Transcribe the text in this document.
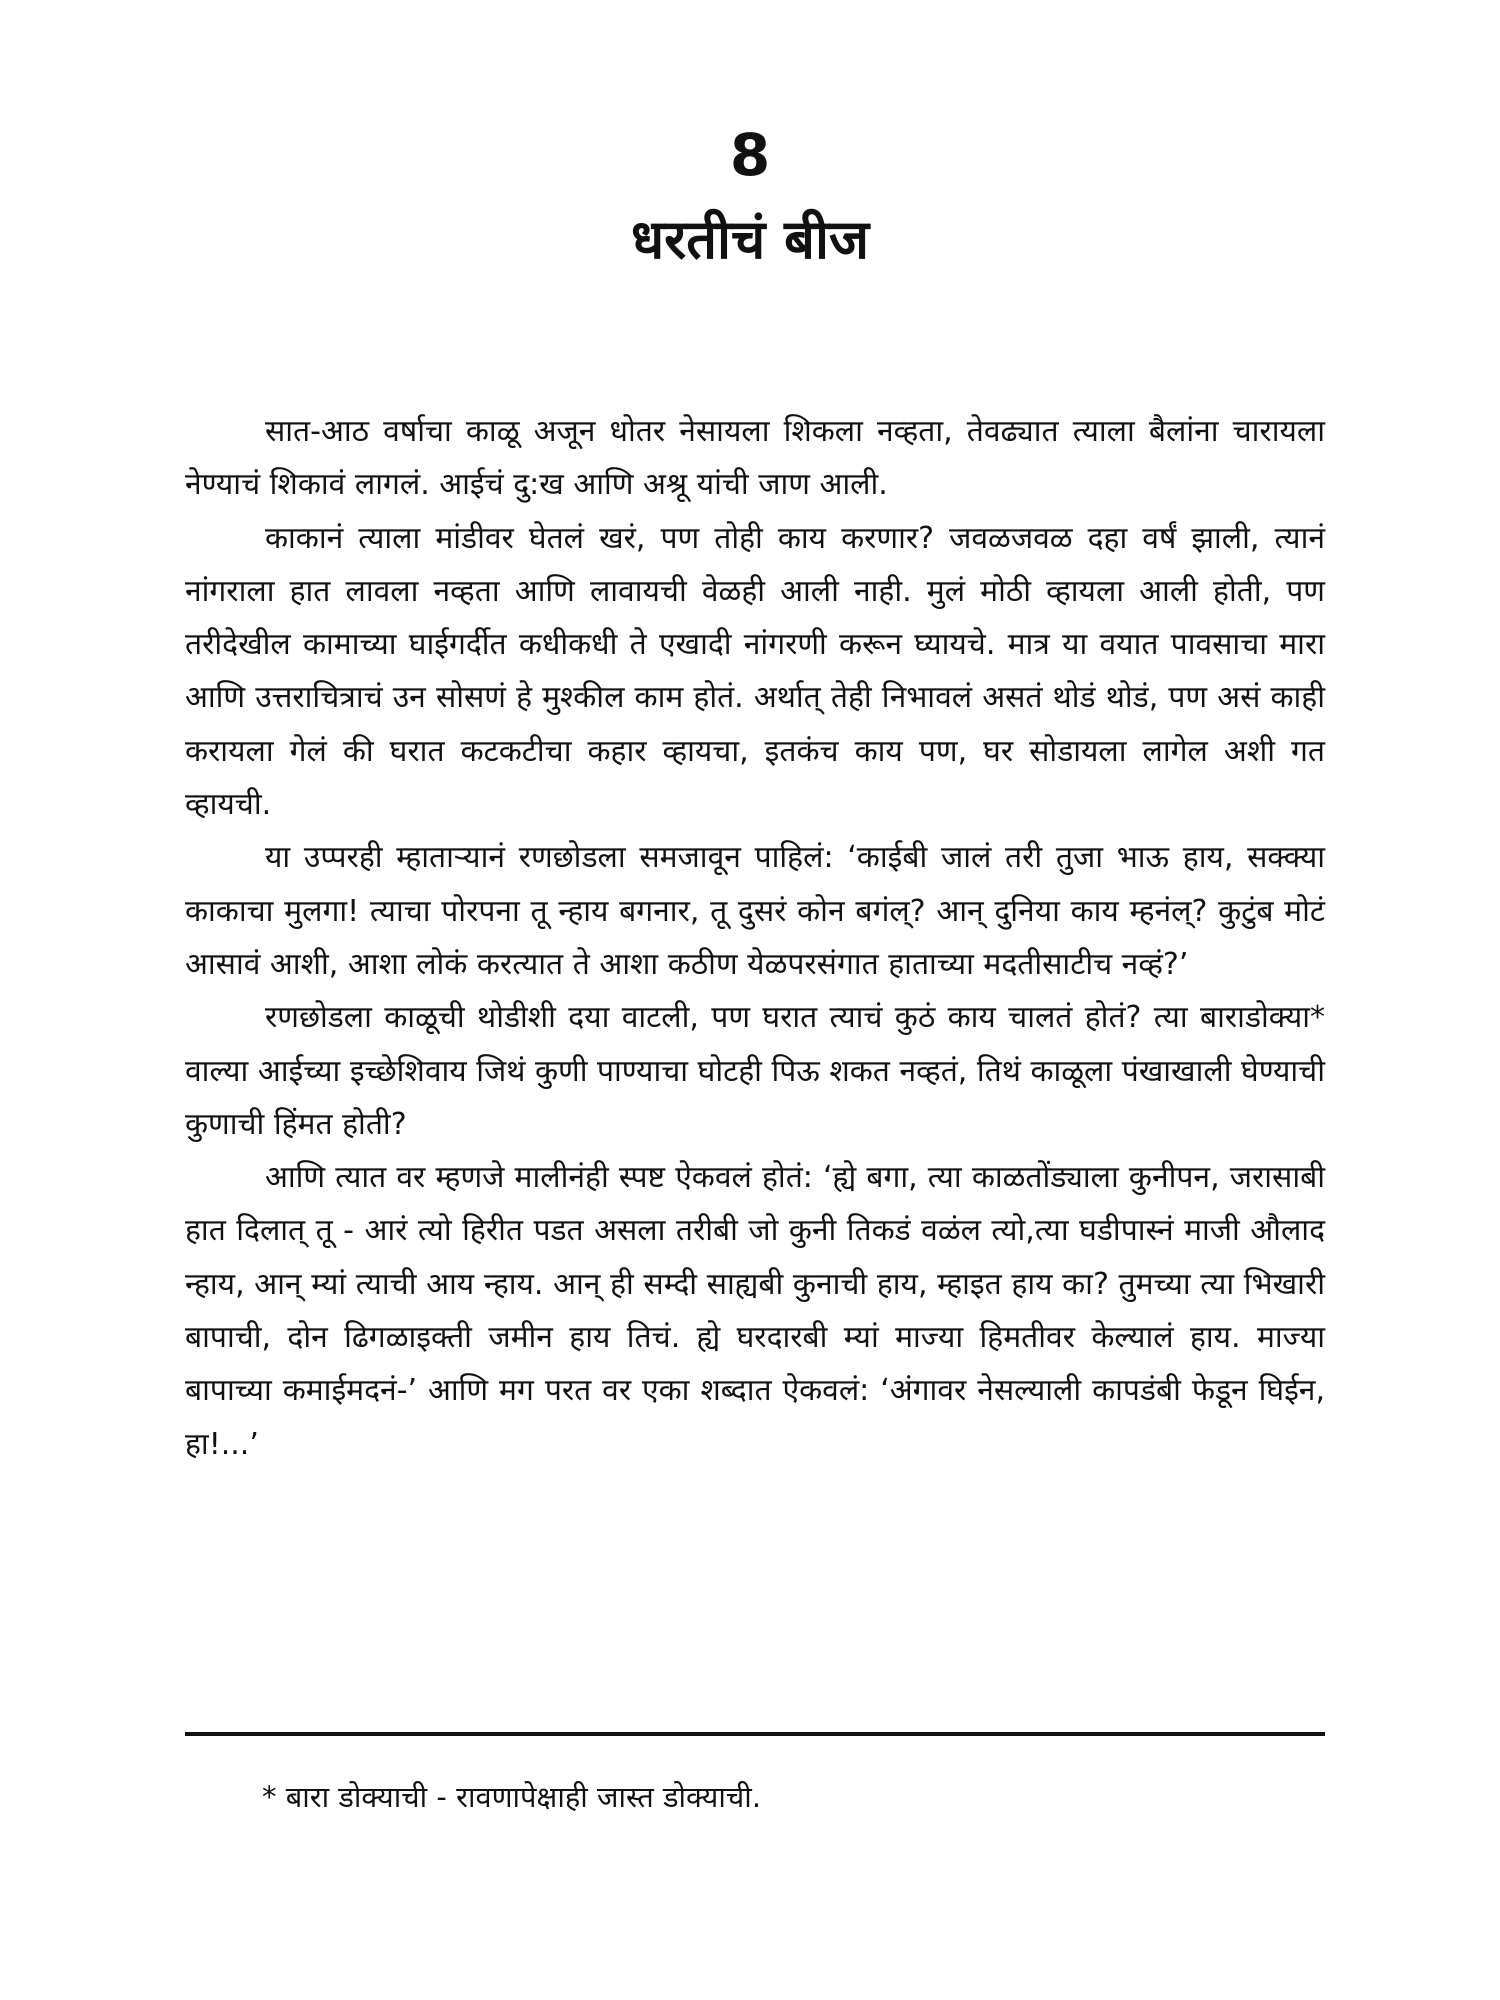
8
धरतीचं बीज

सात-आठ वर्षाचा काळू अजून धोतर नेसायला शिकला नव्हता, तेवढ्यात त्याला बैलांना चारायला नेण्याचं शिकावं लागलं. आईचं दु:ख आणि अश्रू यांची जाण आली.

काकानं त्याला मांडीवर घेतलं खरं, पण तोही काय करणार? जवळजवळ दहा वर्षं झाली, त्यानं नांगराला हात लावला नव्हता आणि लावायची वेळही आली नाही. मुलं मोठी व्हायला आली होती, पण तरीदेखील कामाच्या घाईगर्दीत कधीकधी ते एखादी नांगरणी करून घ्यायचे. मात्र या वयात पावसाचा मारा आणि उत्तराचित्राचं उन सोसणं हे मुश्कील काम होतं. अर्थात् तेही निभावलं असतं थोडं थोडं, पण असं काही करायला गेलं की घरात कटकटीचा कहार व्हायचा, इतकंच काय पण, घर सोडायला लागेल अशी गत व्हायची.

या उप्परही म्हाताऱ्यानं रणछोडला समजावून पाहिलं: ‘काईबी जालं तरी तुजा भाऊ हाय, सक्क्या काकाचा मुलगा! त्याचा पोरपना तू न्हाय बगनार, तू दुसरं कोन बगंल्? आन् दुनिया काय म्हनंल्? कुटुंब मोटं आसावं आशी, आशा लोकं करत्यात ते आशा कठीण येळपरसंगात हाताच्या मदतीसाटीच नव्हं?’

रणछोडला काळूची थोडीशी दया वाटली, पण घरात त्याचं कुठं काय चालतं होतं? त्या बाराडोक्या* वाल्या आईच्या इच्छेशिवाय जिथं कुणी पाण्याचा घोटही पिऊ शकत नव्हतं, तिथं काळूला पंखाखाली घेण्याची कुणाची हिंमत होती?

आणि त्यात वर म्हणजे मालीनंही स्पष्ट ऐकवलं होतं: ‘ह्ये बगा, त्या काळतोंड्याला कुनीपन, जरासाबी हात दिलात् तू - आरं त्यो हिरीत पडत असला तरीबी जो कुनी तिकडं वळंल त्यो,त्या घडीपास्नं माजी औलाद न्हाय, आन् म्यां त्याची आय न्हाय. आन् ही सम्दी साह्यबी कुनाची हाय, म्हाइत हाय का? तुमच्या त्या भिखारी बापाची, दोन ढिगळाइक्ती जमीन हाय तिचं. ह्ये घरदारबी म्यां माज्या हिमतीवर केल्यालं हाय. माज्या बापाच्या कमाईमदनं-’ आणि मग परत वर एका शब्दात ऐकवलं: ‘अंगावर नेसल्याली कापडंबी फेडून घिईन, हा!...’

* बारा डोक्याची - रावणापेक्षाही जास्त डोक्याची.
